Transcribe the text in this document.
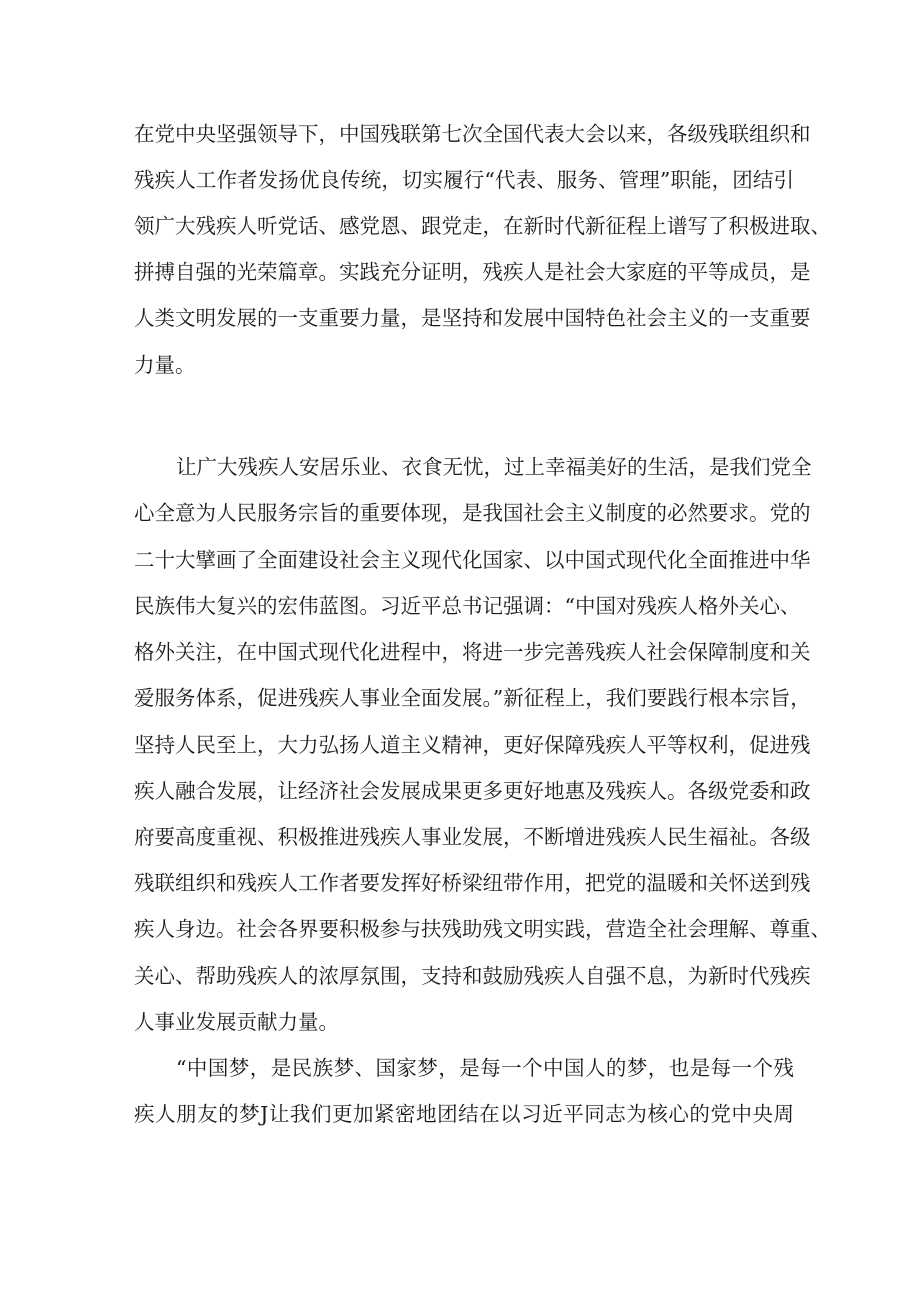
在党中央坚强领导下，中国残联第七次全国代表大会以来，各级残联组织和
残疾人工作者发扬优良传统，切实履行“代表、服务、管理”职能，团结引
领广大残疾人听党话、感党恩、跟党走，在新时代新征程上谱写了积极进取、
拼搏自强的光荣篇章。实践充分证明，残疾人是社会大家庭的平等成员，是
人类文明发展的一支重要力量，是坚持和发展中国特色社会主义的一支重要
力量。
让广大残疾人安居乐业、衣食无忧，过上幸福美好的生活，是我们党全
心全意为人民服务宗旨的重要体现，是我国社会主义制度的必然要求。党的
二十大擘画了全面建设社会主义现代化国家、以中国式现代化全面推进中华
民族伟大复兴的宏伟蓝图。习近平总书记强调：“中国对残疾人格外关心、
格外关注，在中国式现代化进程中，将进一步完善残疾人社会保障制度和关
爱服务体系，促进残疾人事业全面发展。”新征程上，我们要践行根本宗旨，
坚持人民至上，大力弘扬人道主义精神，更好保障残疾人平等权利，促进残
疾人融合发展，让经济社会发展成果更多更好地惠及残疾人。各级党委和政
府要高度重视、积极推进残疾人事业发展，不断增进残疾人民生福祉。各级
残联组织和残疾人工作者要发挥好桥梁纽带作用，把党的温暖和关怀送到残
疾人身边。社会各界要积极参与扶残助残文明实践，营造全社会理解、尊重、
关心、帮助残疾人的浓厚氛围，支持和鼓励残疾人自强不息，为新时代残疾
人事业发展贡献力量。
“中国梦，是民族梦、国家梦，是每一个中国人的梦，也是每一个残
疾人朋友的梦J让我们更加紧密地团结在以习近平同志为核心的党中央周
